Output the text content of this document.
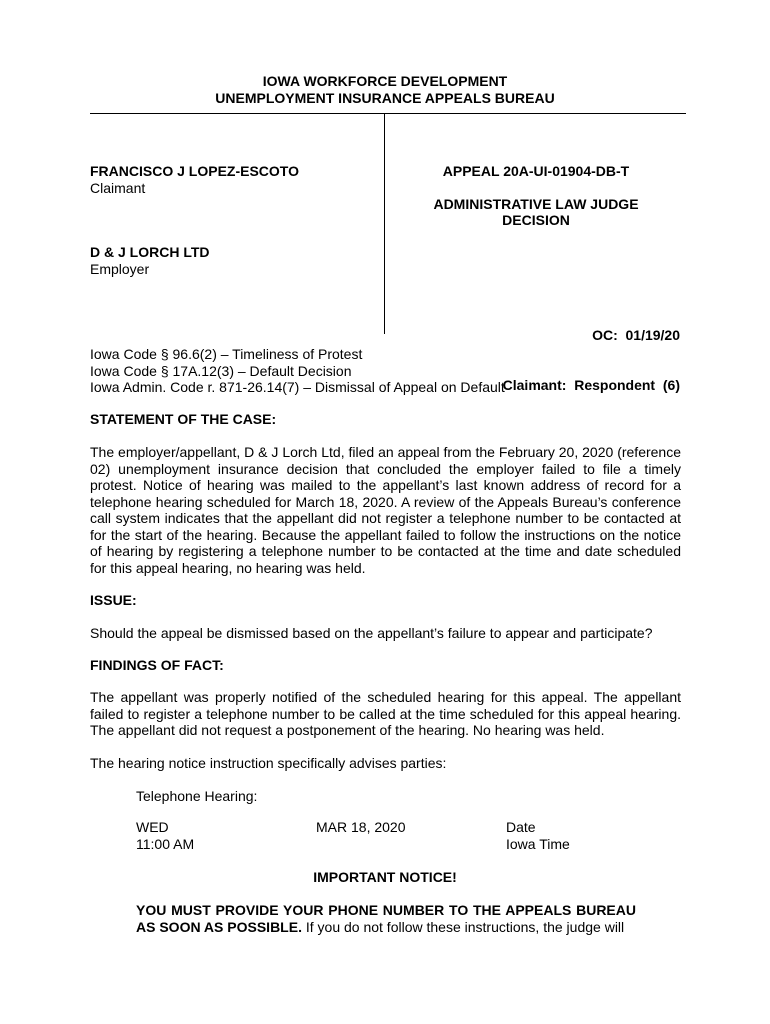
IOWA WORKFORCE DEVELOPMENT
UNEMPLOYMENT INSURANCE APPEALS BUREAU
FRANCISCO J LOPEZ-ESCOTO
Claimant
D & J LORCH LTD
Employer
APPEAL 20A-UI-01904-DB-T
ADMINISTRATIVE LAW JUDGE
DECISION

OC:  01/19/20

Claimant:  Respondent  (6)

Iowa Code § 96.6(2) – Timeliness of Protest
Iowa Code § 17A.12(3) – Default Decision
Iowa Admin. Code r. 871-26.14(7) – Dismissal of Appeal on Default
STATEMENT OF THE CASE:
The employer/appellant, D & J Lorch Ltd, filed an appeal from the February 20, 2020 (reference 02) unemployment insurance decision that concluded the employer failed to file a timely protest. Notice of hearing was mailed to the appellant’s last known address of record for a telephone hearing scheduled for March 18, 2020. A review of the Appeals Bureau’s conference call system indicates that the appellant did not register a telephone number to be contacted at for the start of the hearing. Because the appellant failed to follow the instructions on the notice of hearing by registering a telephone number to be contacted at the time and date scheduled for this appeal hearing, no hearing was held.
ISSUE:
Should the appeal be dismissed based on the appellant’s failure to appear and participate?
FINDINGS OF FACT:
The appellant was properly notified of the scheduled hearing for this appeal. The appellant failed to register a telephone number to be called at the time scheduled for this appeal hearing. The appellant did not request a postponement of the hearing. No hearing was held.
The hearing notice instruction specifically advises parties:
Telephone Hearing:
WED
11:00 AM
MAR 18, 2020	Date
Iowa Time
IMPORTANT NOTICE!
YOU MUST PROVIDE YOUR PHONE NUMBER TO THE APPEALS BUREAU AS SOON AS POSSIBLE. If you do not follow these instructions, the judge will
